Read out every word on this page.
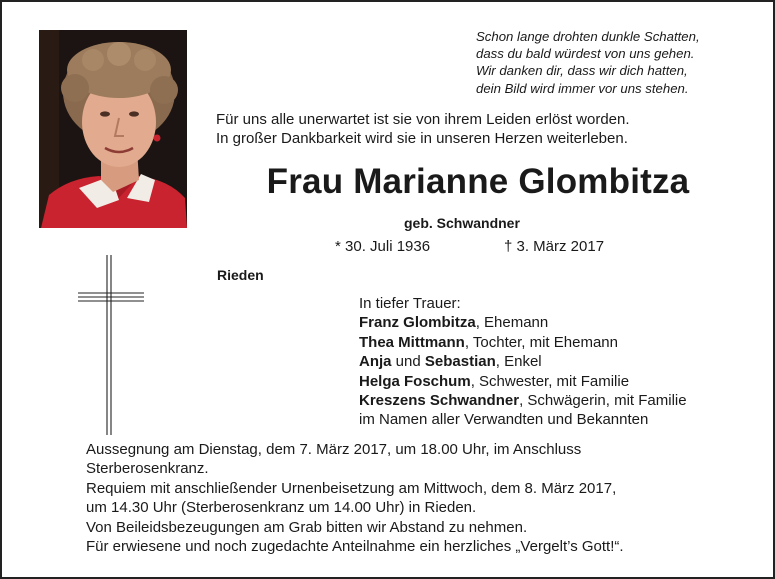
Schon lange drohten dunkle Schatten,
dass du bald würdest von uns gehen.
Wir danken dir, dass wir dich hatten,
dein Bild wird immer vor uns stehen.
Für uns alle unerwartet ist sie von ihrem Leiden erlöst worden.
In großer Dankbarkeit wird sie in unseren Herzen weiterleben.
Frau Marianne Glombitza
geb. Schwandner
* 30. Juli 1936	† 3. März 2017
Rieden
In tiefer Trauer:
Franz Glombitza, Ehemann
Thea Mittmann, Tochter, mit Ehemann
Anja und Sebastian, Enkel
Helga Foschum, Schwester, mit Familie
Kreszens Schwandner, Schwägerin, mit Familie
im Namen aller Verwandten und Bekannten
Aussegnung am Dienstag, dem 7. März 2017, um 18.00 Uhr, im Anschluss
Sterberosenkranz.
Requiem mit anschließender Urnenbeisetzung am Mittwoch, dem 8. März 2017,
um 14.30 Uhr (Sterberosenkranz um 14.00 Uhr) in Rieden.
Von Beileidsbezeugungen am Grab bitten wir Abstand zu nehmen.
Für erwiesene und noch zugedachte Anteilnahme ein herzliches „Vergelt’s Gott!“.
